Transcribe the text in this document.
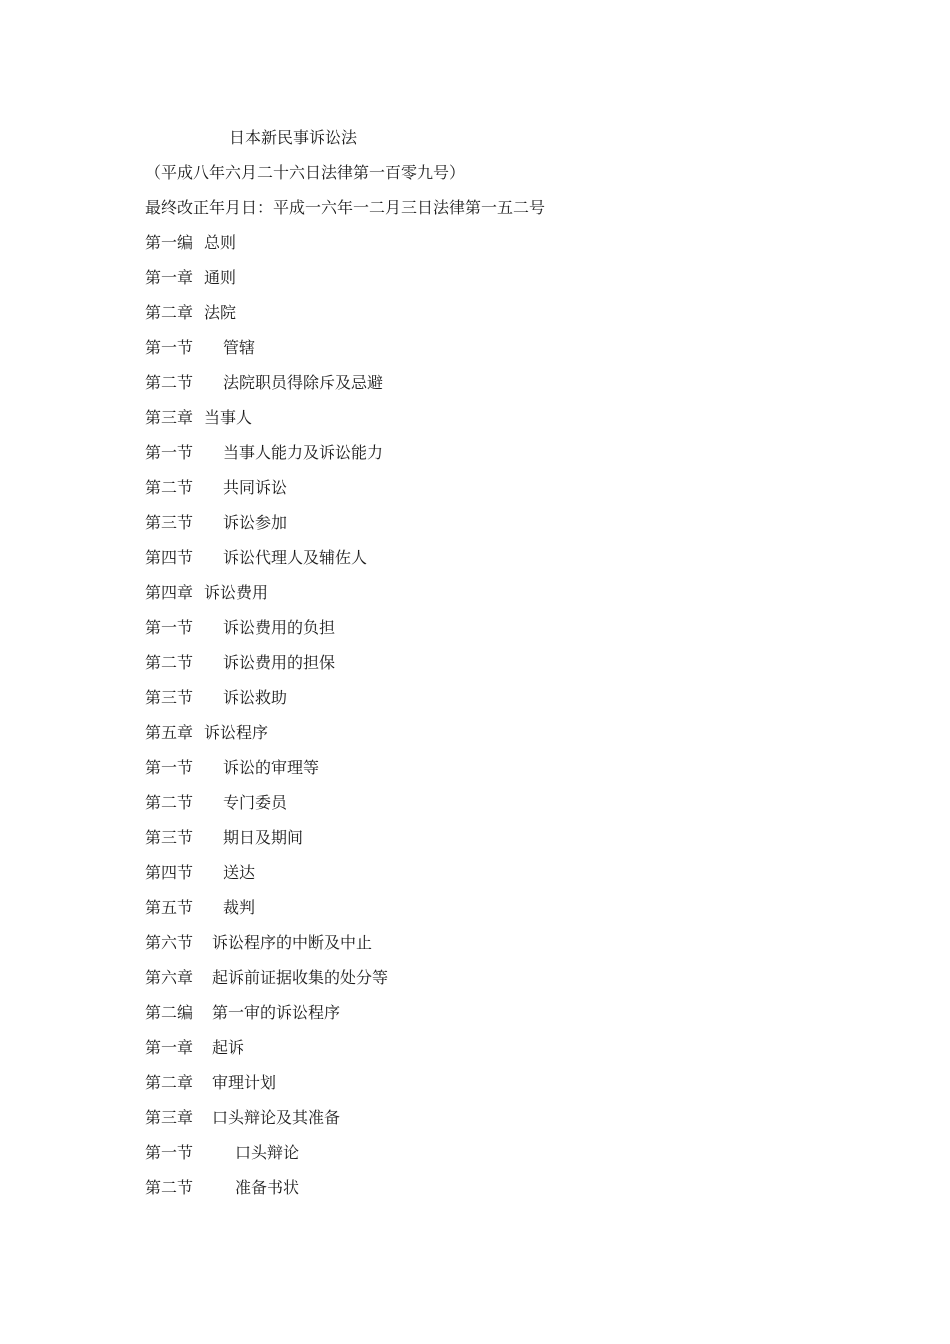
日本新民事诉讼法
（平成八年六月二十六日法律第一百零九号）
最终改正年月日：平成一六年一二月三日法律第一五二号
第一编 总则
第一章 通则
第二章 法院
第一节 管辖
第二节 法院职员得除斥及忌避
第三章 当事人
第一节 当事人能力及诉讼能力
第二节 共同诉讼
第三节 诉讼参加
第四节 诉讼代理人及辅佐人
第四章 诉讼费用
第一节 诉讼费用的负担
第二节 诉讼费用的担保
第三节 诉讼救助
第五章 诉讼程序
第一节 诉讼的审理等
第二节 专门委员
第三节 期日及期间
第四节 送达
第五节 裁判
第六节 诉讼程序的中断及中止
第六章 起诉前证据收集的处分等
第二编 第一审的诉讼程序
第一章 起诉
第二章 审理计划
第三章 口头辩论及其准备
第一节	口头辩论
第二节	准备书状
